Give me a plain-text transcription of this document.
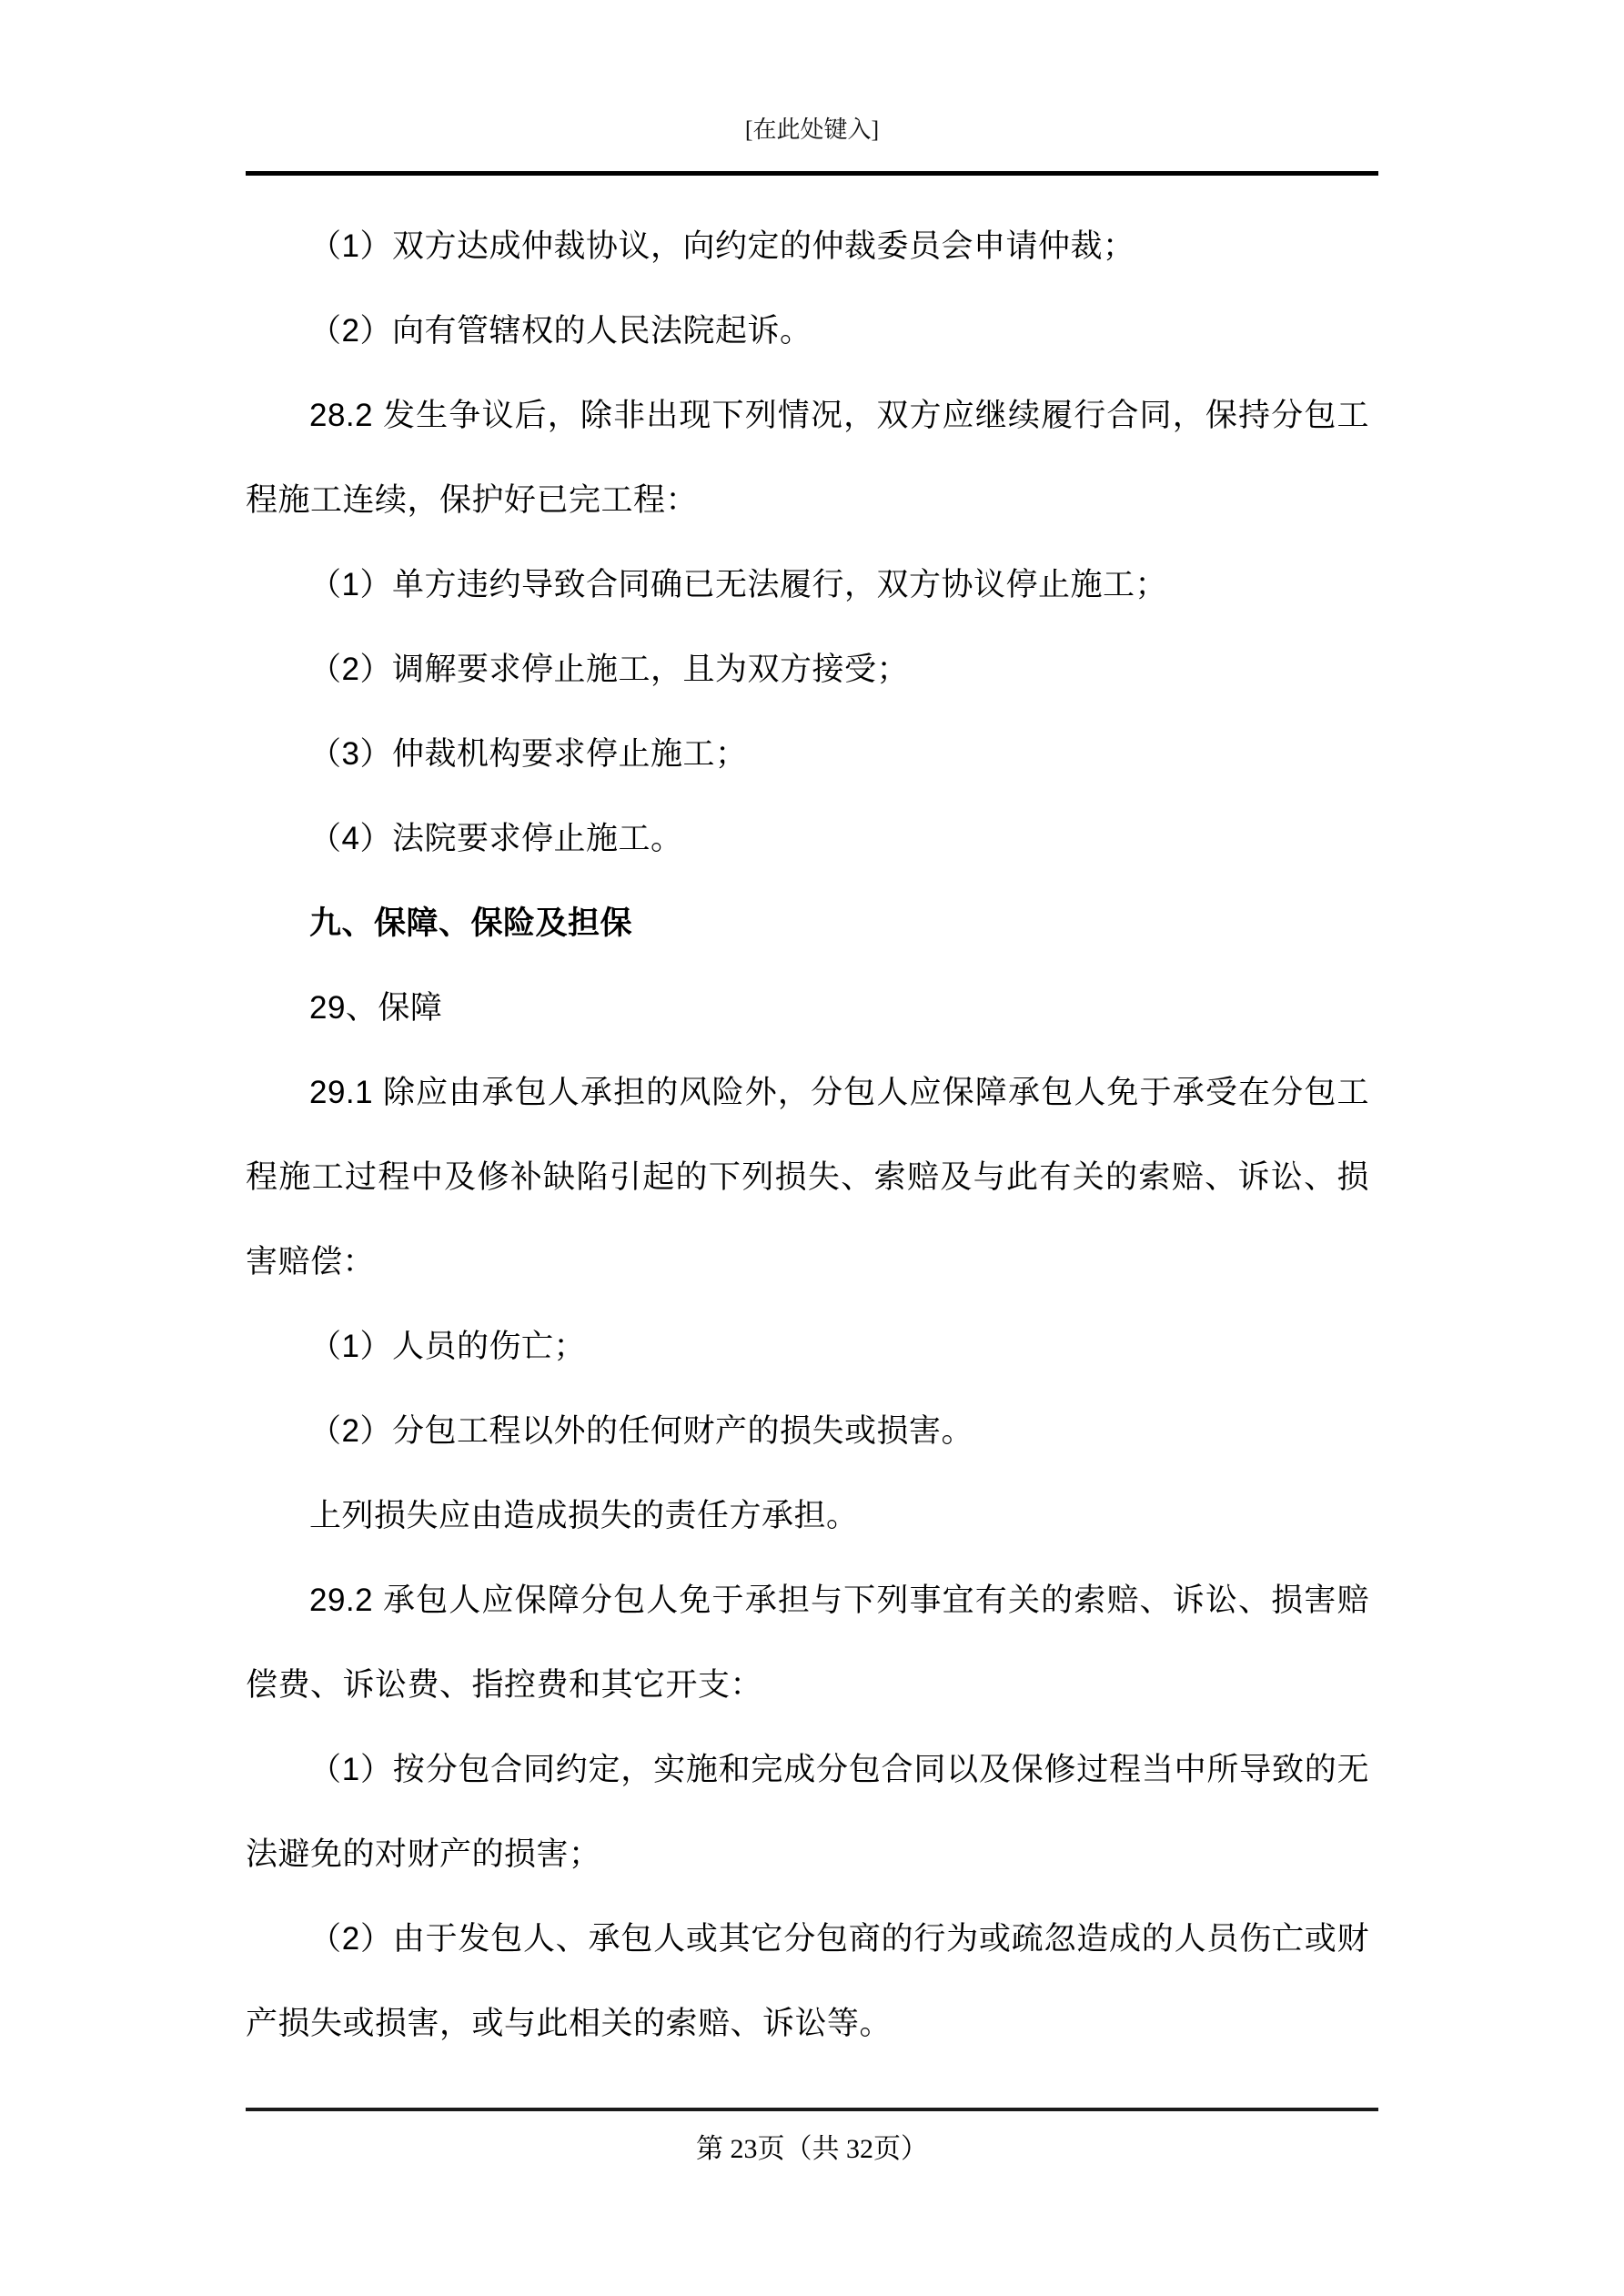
[在此处键入]

（1）双方达成仲裁协议，向约定的仲裁委员会申请仲裁；

（2）向有管辖权的人民法院起诉。

28.2 发生争议后，除非出现下列情况，双方应继续履行合同，保持分包工程施工连续，保护好已完工程：

（1）单方违约导致合同确已无法履行，双方协议停止施工；

（2）调解要求停止施工，且为双方接受；

（3）仲裁机构要求停止施工；

（4）法院要求停止施工。

九、保障、保险及担保

29、保障

29.1 除应由承包人承担的风险外，分包人应保障承包人免于承受在分包工程施工过程中及修补缺陷引起的下列损失、索赔及与此有关的索赔、诉讼、损害赔偿：

（1）人员的伤亡；

（2）分包工程以外的任何财产的损失或损害。

上列损失应由造成损失的责任方承担。

29.2 承包人应保障分包人免于承担与下列事宜有关的索赔、诉讼、损害赔偿费、诉讼费、指控费和其它开支：

（1）按分包合同约定，实施和完成分包合同以及保修过程当中所导致的无法避免的对财产的损害；

（2）由于发包人、承包人或其它分包商的行为或疏忽造成的人员伤亡或财产损失或损害，或与此相关的索赔、诉讼等。

第 23页（共 32页）
